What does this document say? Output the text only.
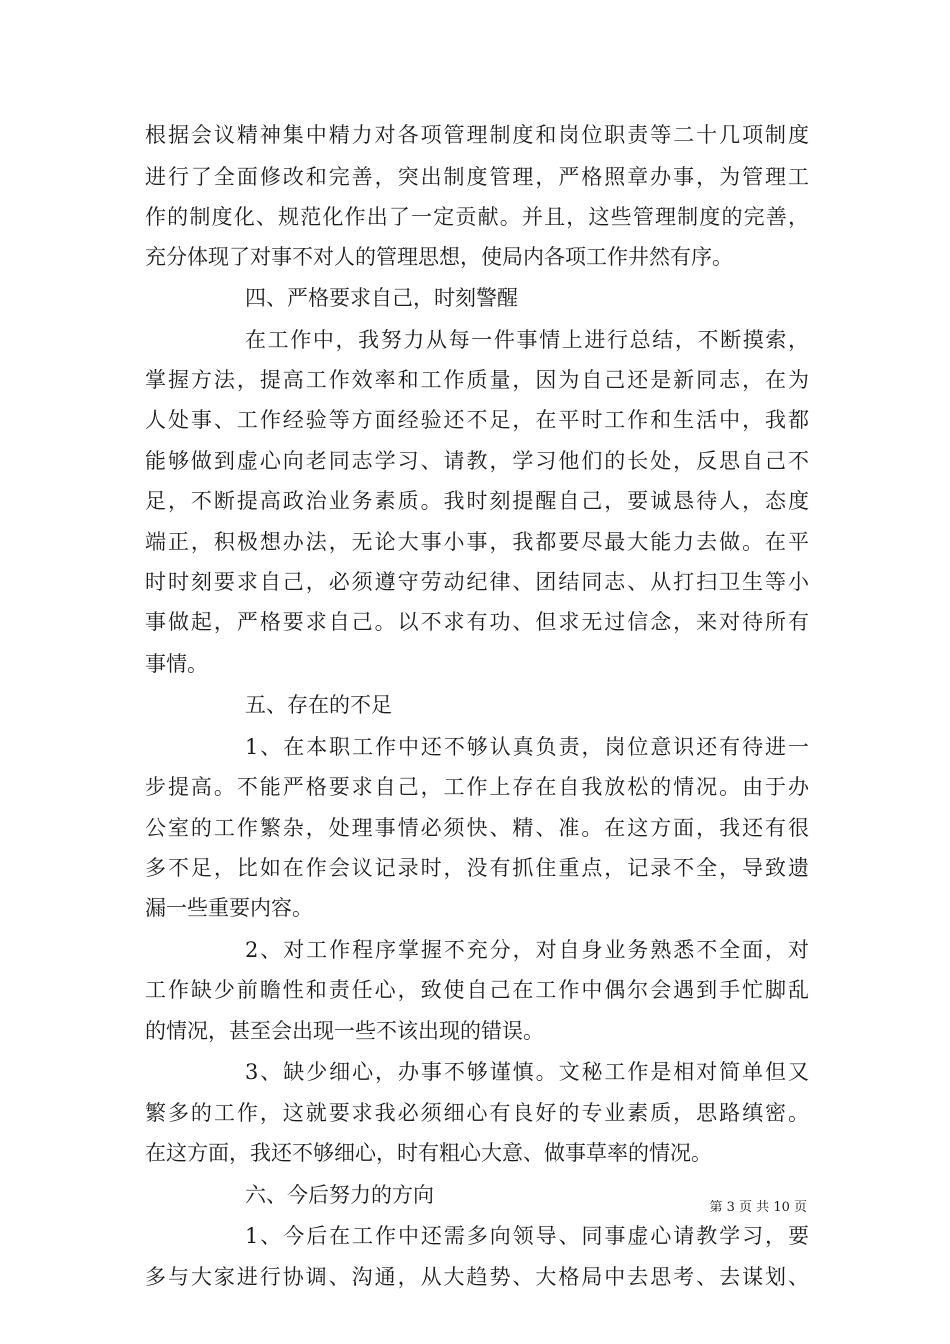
根据会议精神集中精力对各项管理制度和岗位职责等二十几项制度
进行了全面修改和完善，突出制度管理，严格照章办事，为管理工
作的制度化、规范化作出了一定贡献。并且，这些管理制度的完善，
充分体现了对事不对人的管理思想，使局内各项工作井然有序。
四、严格要求自己，时刻警醒
在工作中，我努力从每一件事情上进行总结，不断摸索，
掌握方法，提高工作效率和工作质量，因为自己还是新同志，在为
人处事、工作经验等方面经验还不足，在平时工作和生活中，我都
能够做到虚心向老同志学习、请教，学习他们的长处，反思自己不
足，不断提高政治业务素质。我时刻提醒自己，要诚恳待人，态度
端正，积极想办法，无论大事小事，我都要尽最大能力去做。在平
时时刻要求自己，必须遵守劳动纪律、团结同志、从打扫卫生等小
事做起，严格要求自己。以不求有功、但求无过信念，来对待所有
事情。
五、存在的不足
1、在本职工作中还不够认真负责，岗位意识还有待进一
步提高。不能严格要求自己，工作上存在自我放松的情况。由于办
公室的工作繁杂，处理事情必须快、精、准。在这方面，我还有很
多不足，比如在作会议记录时，没有抓住重点，记录不全，导致遗
漏一些重要内容。
2、对工作程序掌握不充分，对自身业务熟悉不全面，对
工作缺少前瞻性和责任心，致使自己在工作中偶尔会遇到手忙脚乱
的情况，甚至会出现一些不该出现的错误。
3、缺少细心，办事不够谨慎。文秘工作是相对简单但又
繁多的工作，这就要求我必须细心有良好的专业素质，思路缜密。
在这方面，我还不够细心，时有粗心大意、做事草率的情况。
六、今后努力的方向
1、今后在工作中还需多向领导、同事虚心请教学习，要
多与大家进行协调、沟通，从大趋势、大格局中去思考、去谋划、
第 3 页 共 10 页
